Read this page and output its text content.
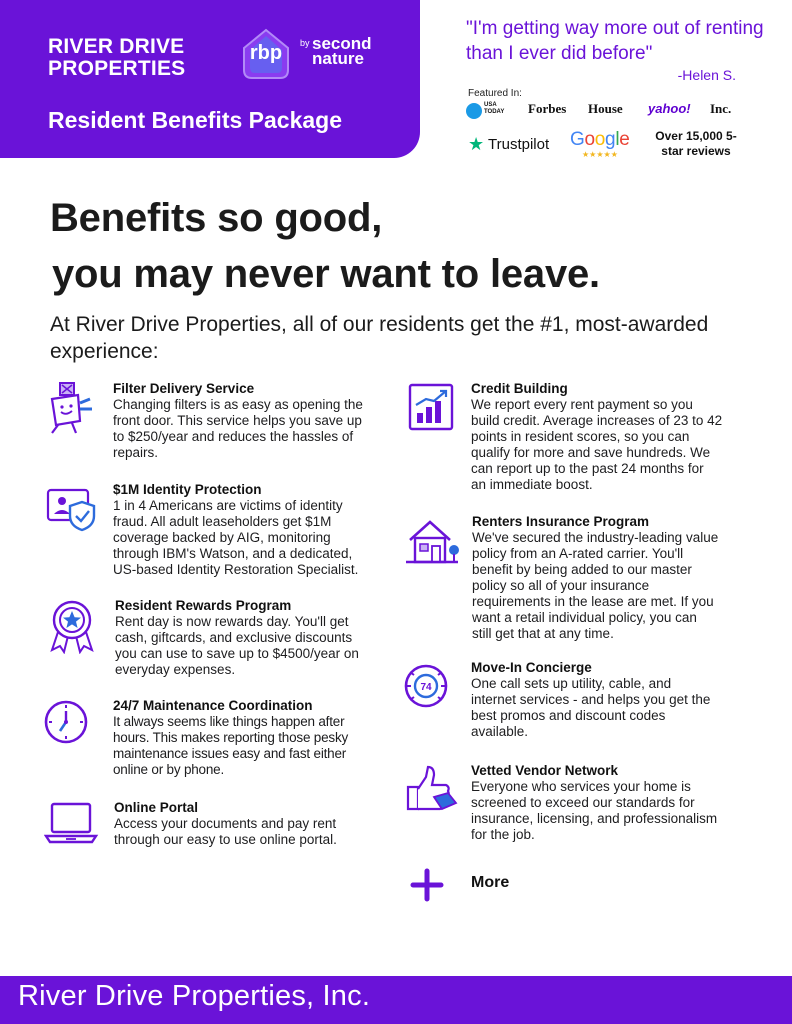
RIVER DRIVE PROPERTIES
rbp	by second nature
Resident Benefits Package
"I'm getting way more out of renting than I ever did before"
-Helen S.
Featured In:
USA TODAY Forbes House yahoo! Inc.
★ Trustpilot Google
★★★★★
Over 15,000 5-star reviews
Benefits so good,
you may never want to leave.
At River Drive Properties, all of our residents get the #1, most-awarded experience:
Filter Delivery Service
Changing filters is as easy as opening the
front door. This service helps you save up
to $250/year and reduces the hassles of
repairs.
$1M Identity Protection
1 in 4 Americans are victims of identity
fraud. All adult leaseholders get $1M
coverage backed by AIG, monitoring
through IBM's Watson, and a dedicated,
US-based Identity Restoration Specialist.
Resident Rewards Program
Rent day is now rewards day. You'll get
cash, giftcards, and exclusive discounts
you can use to save up to $4500/year on
everyday expenses.
24/7 Maintenance Coordination
It always seems like things happen after
hours. This makes reporting those pesky
maintenance issues easy and fast either
online or by phone.
Online Portal
Access your documents and pay rent
through our easy to use online portal.
Credit Building
We report every rent payment so you
build credit. Average increases of 23 to 42
points in resident scores, so you can
qualify for more and save hundreds. We
can report up to the past 24 months for
an immediate boost.
Renters Insurance Program
We've secured the industry-leading value
policy from an A-rated carrier. You'll
benefit by being added to our master
policy so all of your insurance
requirements in the lease are met. If you
want a retail individual policy, you can
still get that at any time.
74
Move-In Concierge
One call sets up utility, cable, and
internet services - and helps you get the
best promos and discount codes
available.
Vetted Vendor Network
Everyone who services your home is
screened to exceed our standards for
insurance, licensing, and professionalism
for the job.
More
River Drive Properties, Inc.
